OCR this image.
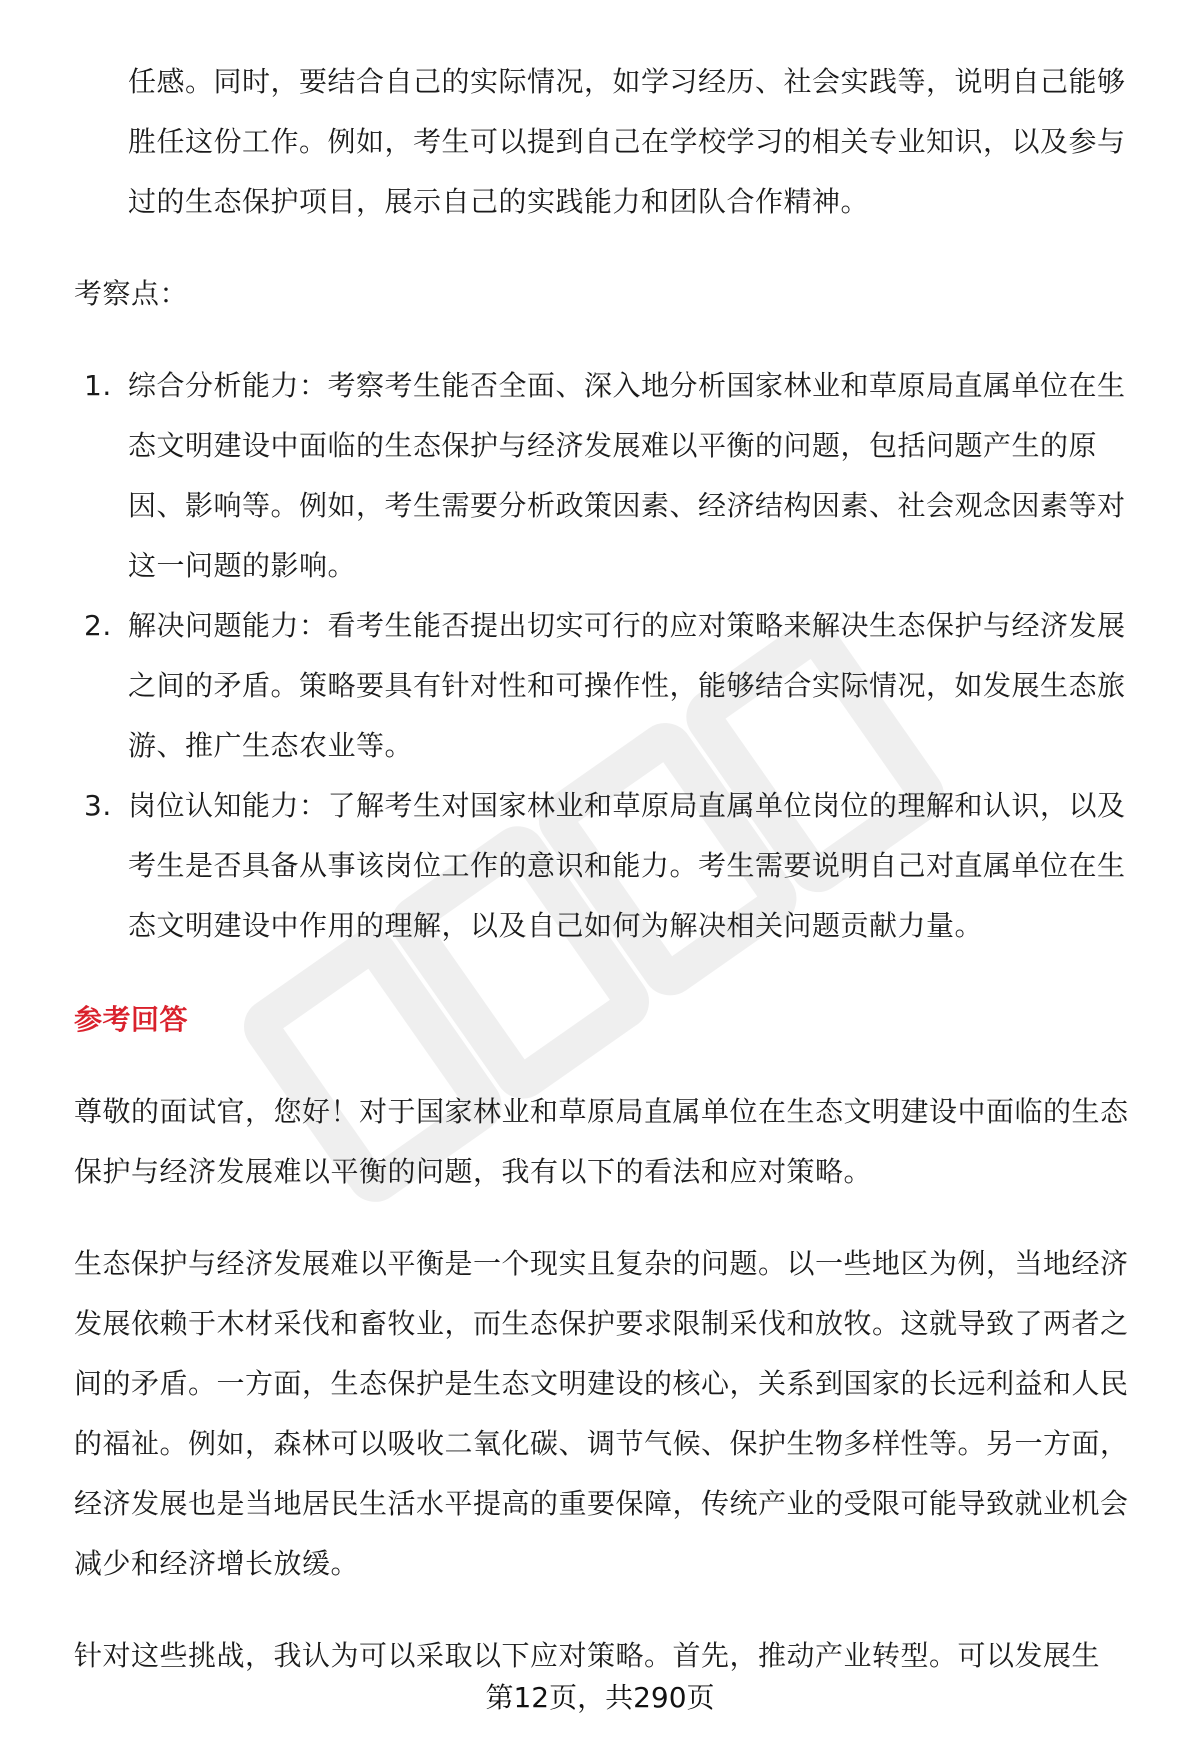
任感。同时，要结合自己的实际情况，如学习经历、社会实践等，说明自己能够胜任这份工作。例如，考生可以提到自己在学校学习的相关专业知识，以及参与过的生态保护项目，展示自己的实践能力和团队合作精神。

考察点：

1. 综合分析能力：考察考生能否全面、深入地分析国家林业和草原局直属单位在生态文明建设中面临的生态保护与经济发展难以平衡的问题，包括问题产生的原因、影响等。例如，考生需要分析政策因素、经济结构因素、社会观念因素等对这一问题的影响。
2. 解决问题能力：看考生能否提出切实可行的应对策略来解决生态保护与经济发展之间的矛盾。策略要具有针对性和可操作性，能够结合实际情况，如发展生态旅游、推广生态农业等。
3. 岗位认知能力：了解考生对国家林业和草原局直属单位岗位的理解和认识，以及考生是否具备从事该岗位工作的意识和能力。考生需要说明自己对直属单位在生态文明建设中作用的理解，以及自己如何为解决相关问题贡献力量。

参考回答

尊敬的面试官，您好！对于国家林业和草原局直属单位在生态文明建设中面临的生态保护与经济发展难以平衡的问题，我有以下的看法和应对策略。

生态保护与经济发展难以平衡是一个现实且复杂的问题。以一些地区为例，当地经济发展依赖于木材采伐和畜牧业，而生态保护要求限制采伐和放牧。这就导致了两者之间的矛盾。一方面，生态保护是生态文明建设的核心，关系到国家的长远利益和人民的福祉。例如，森林可以吸收二氧化碳、调节气候、保护生物多样性等。另一方面，经济发展也是当地居民生活水平提高的重要保障，传统产业的受限可能导致就业机会减少和经济增长放缓。

针对这些挑战，我认为可以采取以下应对策略。首先，推动产业转型。可以发展生

第12页，共290页
